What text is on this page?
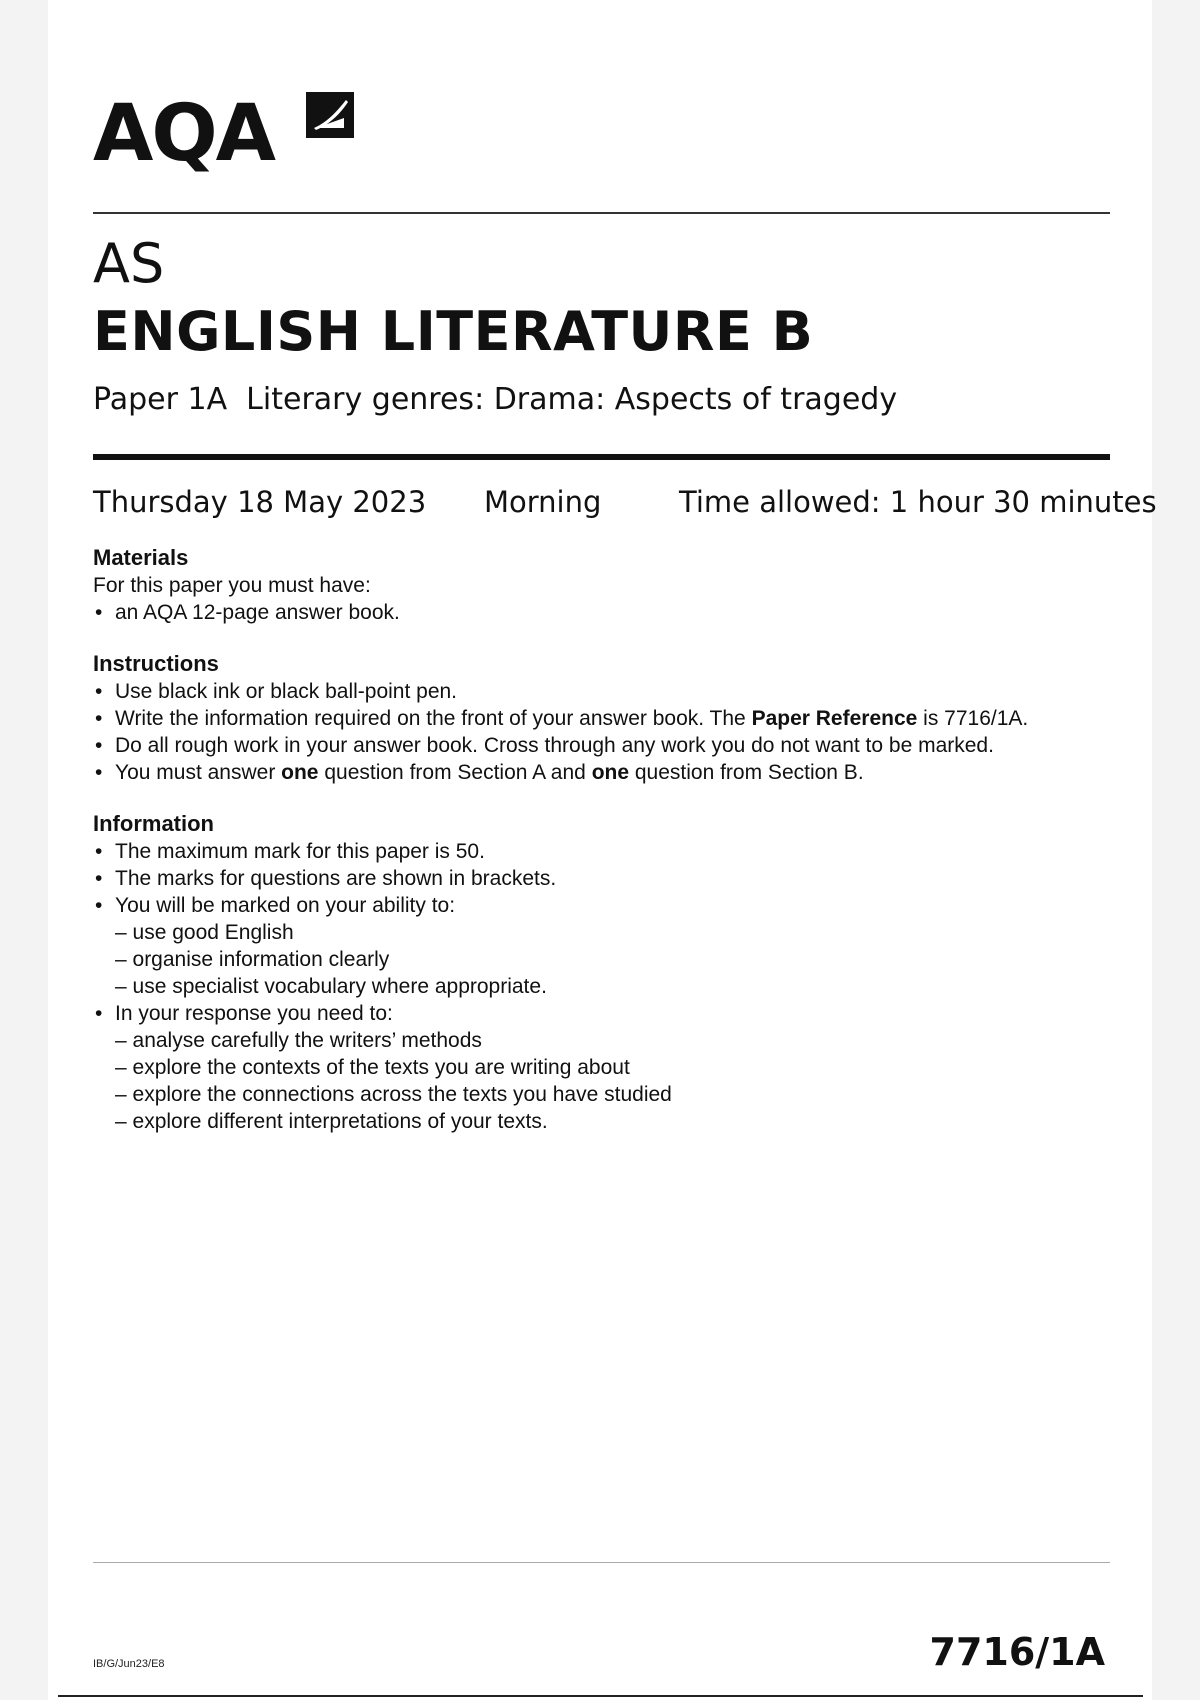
AQA
AS
ENGLISH LITERATURE B
Paper 1A  Literary genres: Drama: Aspects of tragedy
Thursday 18 May 2023 Morning	Time allowed: 1 hour 30 minutes
Materials

For this paper you must have:

• an AQA 12-page answer book.
Instructions
• Use black ink or black ball-point pen.
• Write the information required on the front of your answer book. The Paper Reference is 7716/1A.
• Do all rough work in your answer book. Cross through any work you do not want to be marked.
• You must answer one question from Section A and one question from Section B.
Information
• The maximum mark for this paper is 50.
• The marks for questions are shown in brackets.
• You will be marked on your ability to:
– use good English
– organise information clearly
– use specialist vocabulary where appropriate.
• In your response you need to:
– analyse carefully the writers’ methods
– explore the contexts of the texts you are writing about
– explore the connections across the texts you have studied
– explore different interpretations of your texts.
IB/G/Jun23/E8	7716/1A
